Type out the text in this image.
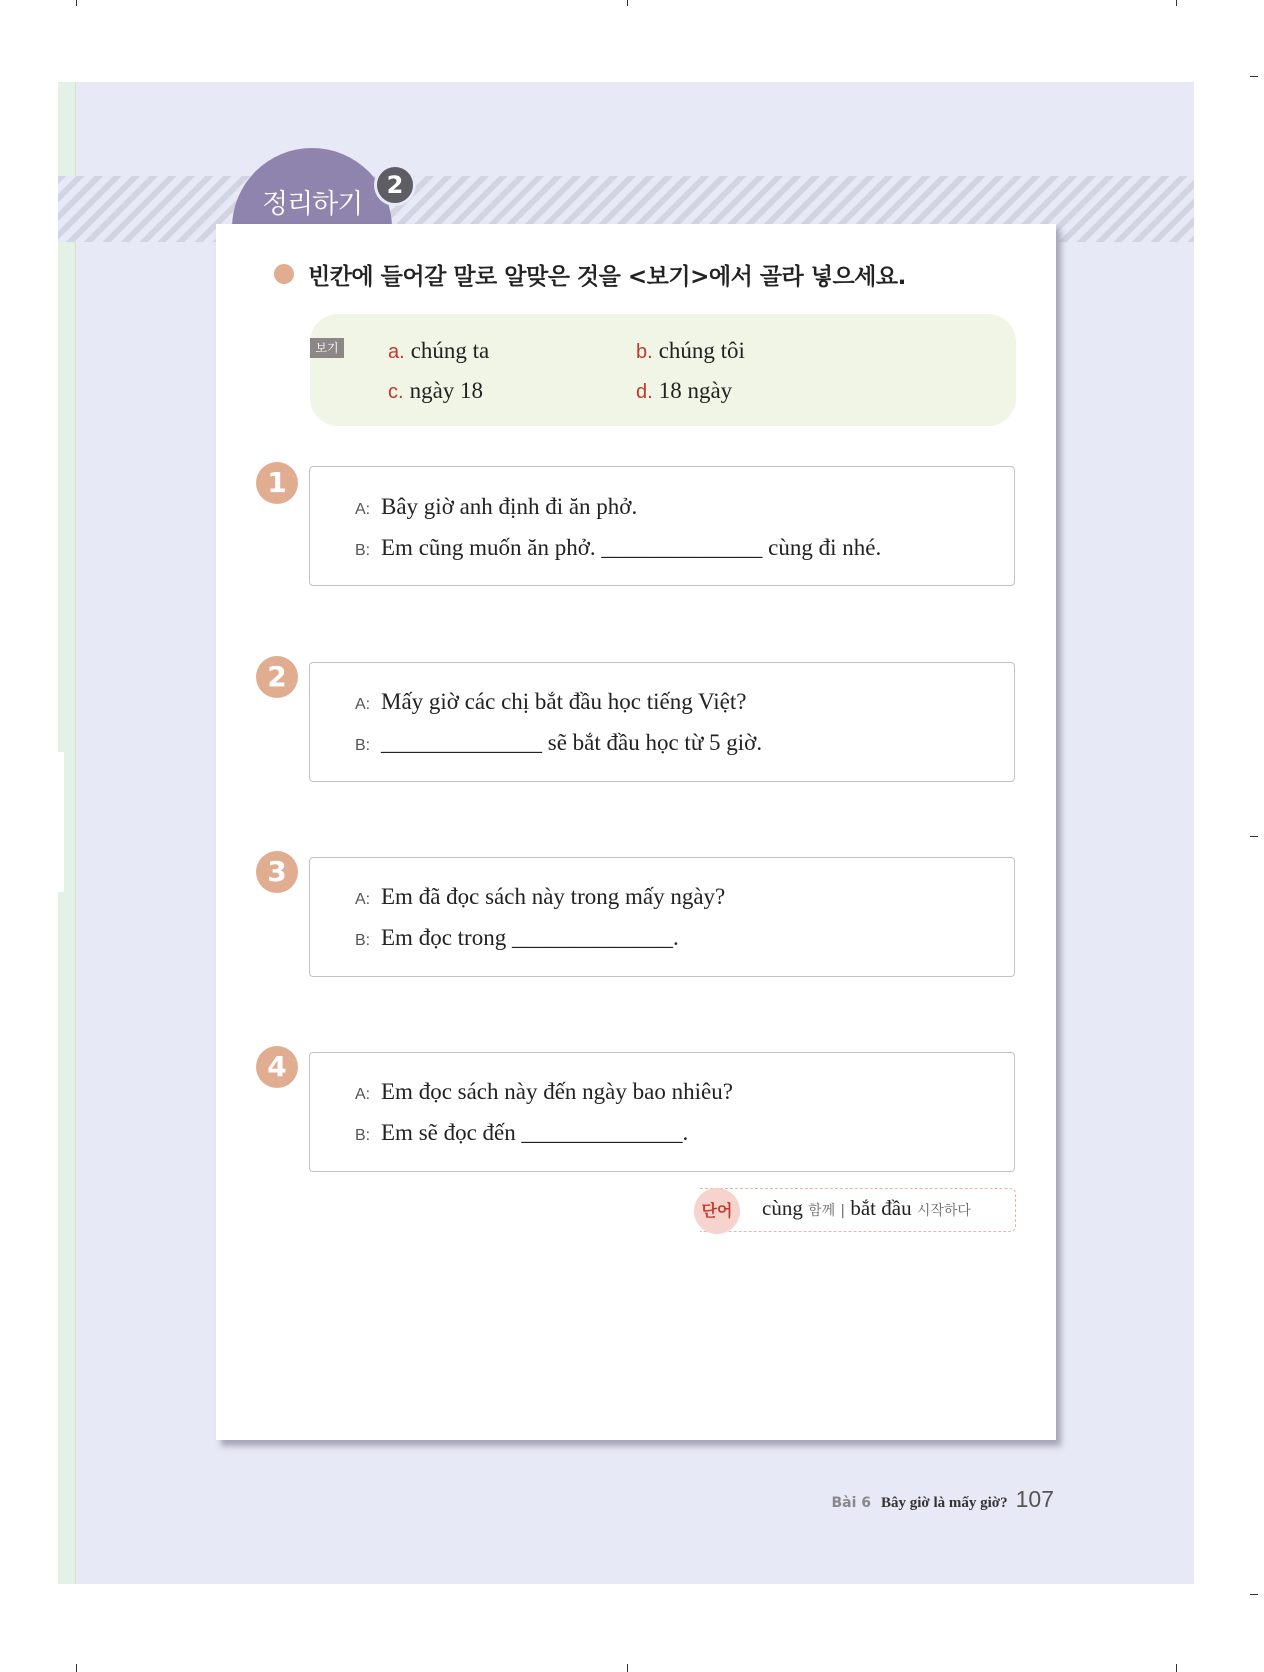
정리하기
2
빈칸에 들어갈 말로 알맞은 것을 <보기>에서 골라 넣으세요.
보기 a. chúng ta	b. chúng tôi
c. ngày 18	d. 18 ngày
1
A: Bây giờ anh định đi ăn phở.
B: Em cũng muốn ăn phở. ______________ cùng đi nhé.
2
A: Mấy giờ các chị bắt đầu học tiếng Việt?
B: ______________ sẽ bắt đầu học từ 5 giờ.
3
A: Em đã đọc sách này trong mấy ngày?
B: Em đọc trong ______________.
4
A: Em đọc sách này đến ngày bao nhiêu?
B: Em sẽ đọc đến ______________.
단어	cùng 함께 | bắt đầu 시작하다
Bài 6 Bây giờ là mấy giờ? 107
